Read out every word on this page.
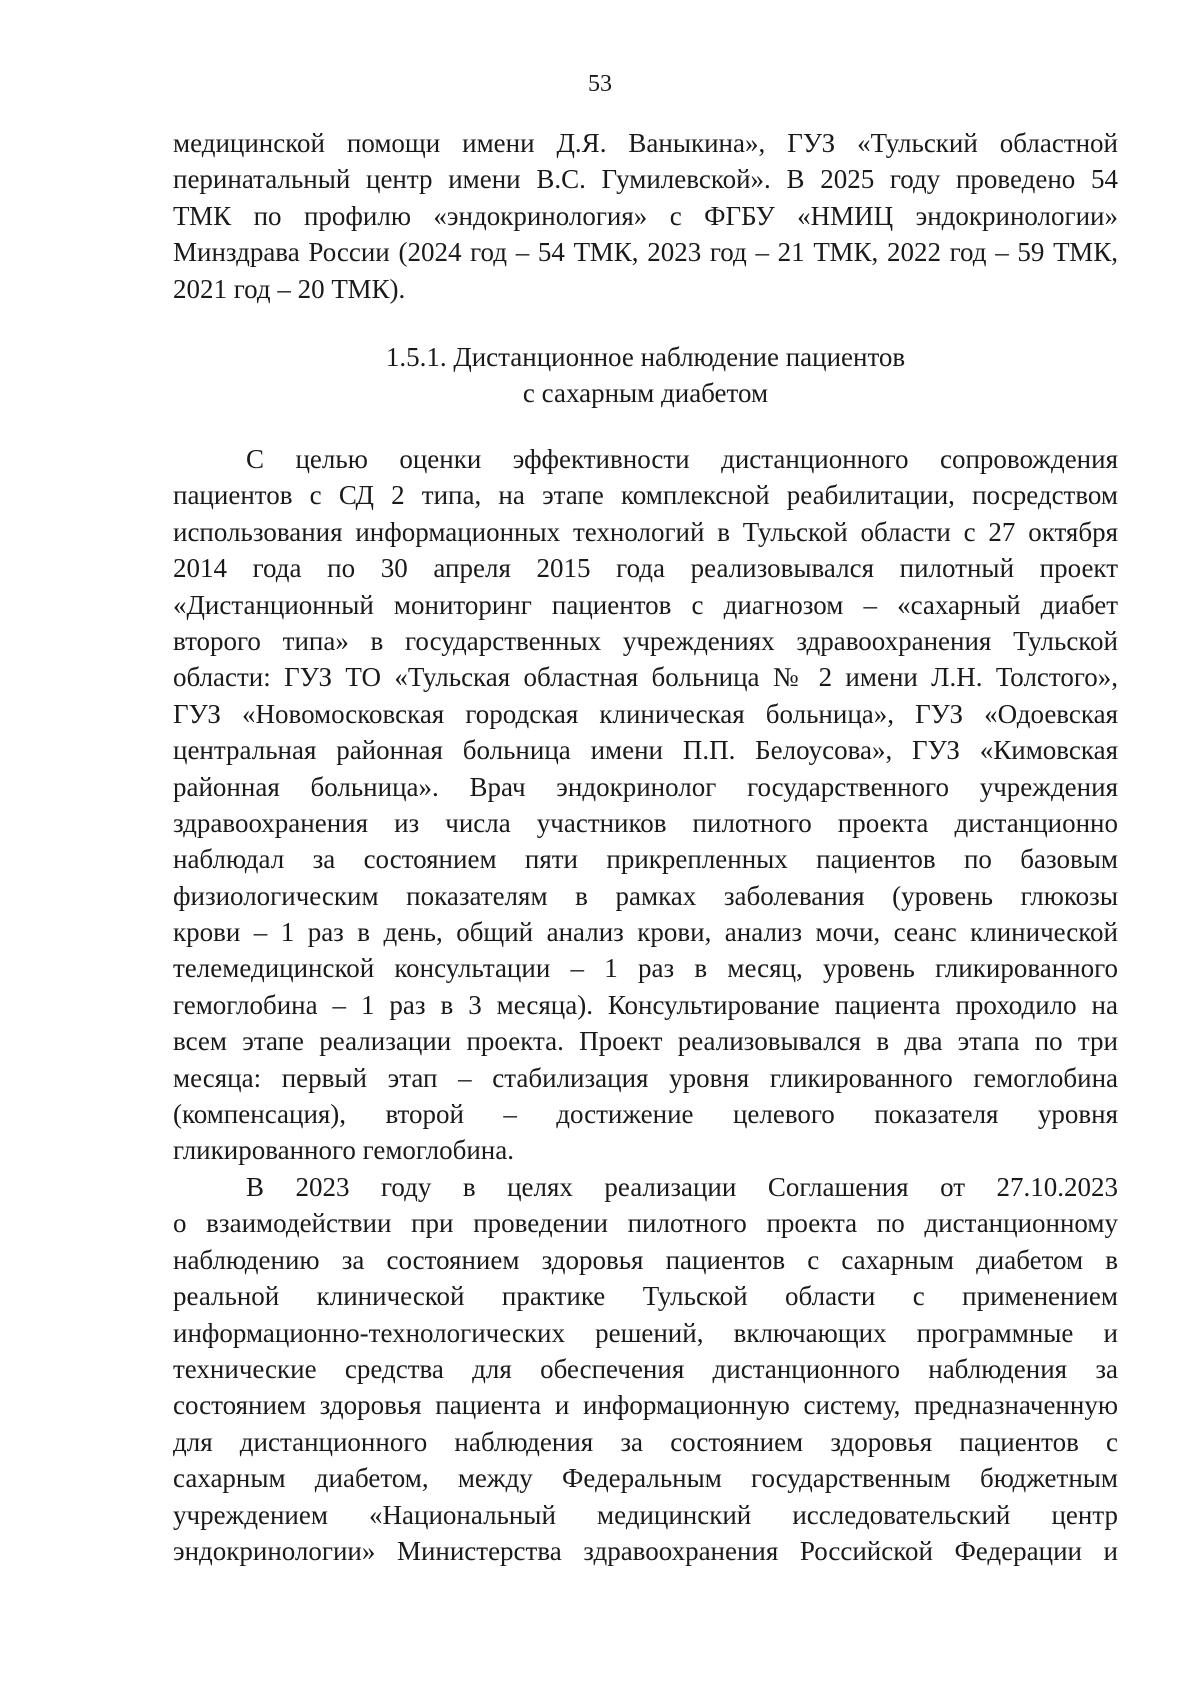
53
медицинской помощи имени Д.Я. Ваныкина», ГУЗ «Тульский областной
перинатальный центр имени В.С. Гумилевской». В 2025 году проведено 54
ТМК по профилю «эндокринология» с ФГБУ «НМИЦ эндокринологии»
Минздрава России (2024 год – 54 ТМК, 2023 год – 21 ТМК, 2022 год – 59 ТМК,
2021 год – 20 ТМК).
1.5.1. Дистанционное наблюдение пациентов
с сахарным диабетом
С целью оценки эффективности дистанционного сопровождения
пациентов с СД 2 типа, на этапе комплексной реабилитации, посредством
использования информационных технологий в Тульской области с 27 октября
2014 года по 30 апреля 2015 года реализовывался пилотный проект
«Дистанционный мониторинг пациентов с диагнозом – «сахарный диабет
второго типа» в государственных учреждениях здравоохранения Тульской
области: ГУЗ ТО «Тульская областная больница № 2 имени Л.Н. Толстого»,
ГУЗ «Новомосковская городская клиническая больница», ГУЗ «Одоевская
центральная районная больница имени П.П. Белоусова», ГУЗ «Кимовская
районная больница». Врач эндокринолог государственного учреждения
здравоохранения из числа участников пилотного проекта дистанционно
наблюдал за состоянием пяти прикрепленных пациентов по базовым
физиологическим показателям в рамках заболевания (уровень глюкозы
крови – 1 раз в день, общий анализ крови, анализ мочи, сеанс клинической
телемедицинской консультации – 1 раз в месяц, уровень гликированного
гемоглобина – 1 раз в 3 месяца). Консультирование пациента проходило на
всем этапе реализации проекта. Проект реализовывался в два этапа по три
месяца: первый этап – стабилизация уровня гликированного гемоглобина
(компенсация), второй – достижение целевого показателя уровня
гликированного гемоглобина.
В 2023 году в целях реализации Соглашения от 27.10.2023
о взаимодействии при проведении пилотного проекта по дистанционному
наблюдению за состоянием здоровья пациентов с сахарным диабетом в
реальной клинической практике Тульской области с применением
информационно-технологических решений, включающих программные и
технические средства для обеспечения дистанционного наблюдения за
состоянием здоровья пациента и информационную систему, предназначенную
для дистанционного наблюдения за состоянием здоровья пациентов с
сахарным диабетом, между Федеральным государственным бюджетным
учреждением «Национальный медицинский исследовательский центр
эндокринологии» Министерства здравоохранения Российской Федерации и
